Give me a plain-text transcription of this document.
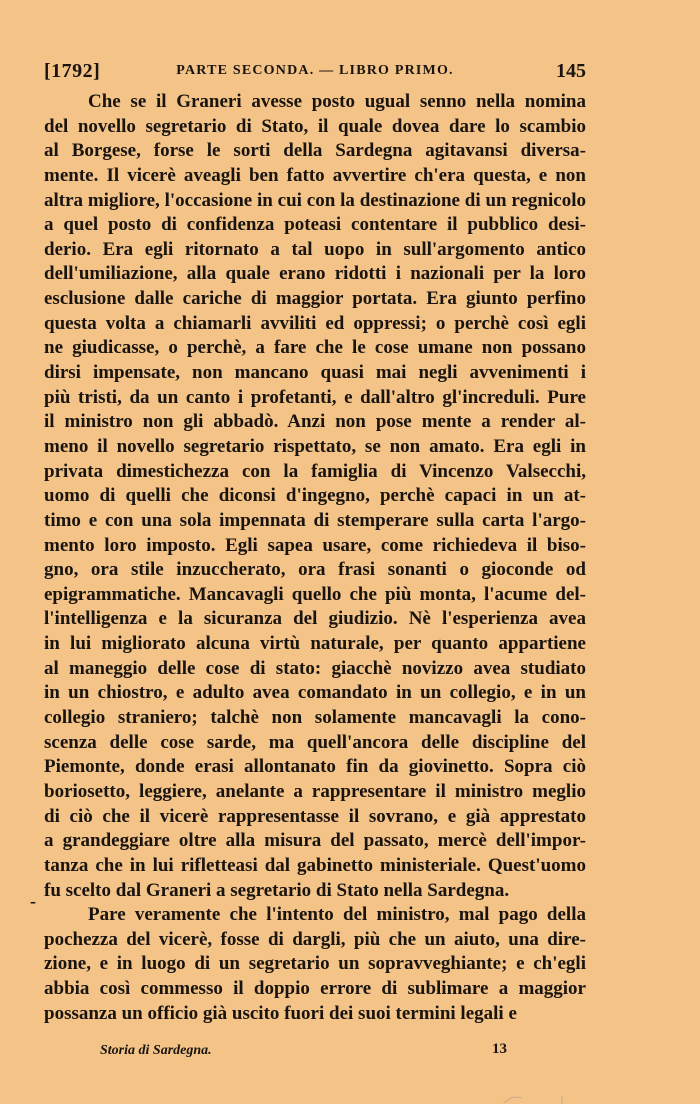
[1792]	PARTE SECONDA. — LIBRO PRIMO.	145
Che se il Graneri avesse posto ugual senno nella nomina
del novello segretario di Stato, il quale dovea dare lo scambio
al Borgese, forse le sorti della Sardegna agitavansi diversa-
mente. Il vicerè aveagli ben fatto avvertire ch'era questa, e non
altra migliore, l'occasione in cui con la destinazione di un regnicolo
a quel posto di confidenza poteasi contentare il pubblico desi-
derio. Era egli ritornato a tal uopo in sull'argomento antico
dell'umiliazione, alla quale erano ridotti i nazionali per la loro
esclusione dalle cariche di maggior portata. Era giunto perfino
questa volta a chiamarli avviliti ed oppressi; o perchè così egli
ne giudicasse, o perchè, a fare che le cose umane non possano
dirsi impensate, non mancano quasi mai negli avvenimenti i
più tristi, da un canto i profetanti, e dall'altro gl'increduli. Pure
il ministro non gli abbadò. Anzi non pose mente a render al-
meno il novello segretario rispettato, se non amato. Era egli in
privata dimestichezza con la famiglia di Vincenzo Valsecchi,
uomo di quelli che diconsi d'ingegno, perchè capaci in un at-
timo e con una sola impennata di stemperare sulla carta l'argo-
mento loro imposto. Egli sapea usare, come richiedeva il biso-
gno, ora stile inzuccherato, ora frasi sonanti o gioconde od
epigrammatiche. Mancavagli quello che più monta, l'acume del-
l'intelligenza e la sicuranza del giudizio. Nè l'esperienza avea
in lui migliorato alcuna virtù naturale, per quanto appartiene
al maneggio delle cose di stato: giacchè novizzo avea studiato
in un chiostro, e adulto avea comandato in un collegio, e in un
collegio straniero; talchè non solamente mancavagli la cono-
scenza delle cose sarde, ma quell'ancora delle discipline del
Piemonte, donde erasi allontanato fin da giovinetto. Sopra ciò
boriosetto, leggiere, anelante a rappresentare il ministro meglio
di ciò che il vicerè rappresentasse il sovrano, e già apprestato
a grandeggiare oltre alla misura del passato, mercè dell'impor-
tanza che in lui rifletteasi dal gabinetto ministeriale. Quest'uomo
fu scelto dal Graneri a segretario di Stato nella Sardegna.
Pare veramente che l'intento del ministro, mal pago della
pochezza del vicerè, fosse di dargli, più che un aiuto, una dire-
zione, e in luogo di un segretario un sopravveghiante; e ch'egli
abbia così commesso il doppio errore di sublimare a maggior
possanza un officio già uscito fuori dei suoi termini legali e
-
Storia di Sardegna.	13
